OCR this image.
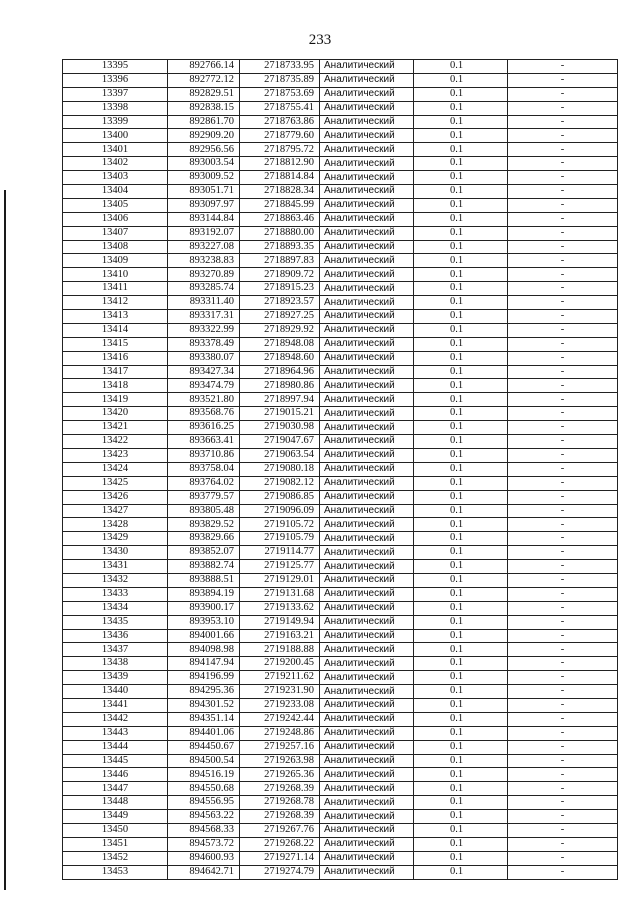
233
13395	892766.14	2718733.95	Аналитический	0.1	-
13396	892772.12	2718735.89	Аналитический	0.1	-
13397	892829.51	2718753.69	Аналитический	0.1	-
13398	892838.15	2718755.41	Аналитический	0.1	-
13399	892861.70	2718763.86	Аналитический	0.1	-
13400	892909.20	2718779.60	Аналитический	0.1	-
13401	892956.56	2718795.72	Аналитический	0.1	-
13402	893003.54	2718812.90	Аналитический	0.1	-
13403	893009.52	2718814.84	Аналитический	0.1	-
13404	893051.71	2718828.34	Аналитический	0.1	-
13405	893097.97	2718845.99	Аналитический	0.1	-
13406	893144.84	2718863.46	Аналитический	0.1	-
13407	893192.07	2718880.00	Аналитический	0.1	-
13408	893227.08	2718893.35	Аналитический	0.1	-
13409	893238.83	2718897.83	Аналитический	0.1	-
13410	893270.89	2718909.72	Аналитический	0.1	-
13411	893285.74	2718915.23	Аналитический	0.1	-
13412	893311.40	2718923.57	Аналитический	0.1	-
13413	893317.31	2718927.25	Аналитический	0.1	-
13414	893322.99	2718929.92	Аналитический	0.1	-
13415	893378.49	2718948.08	Аналитический	0.1	-
13416	893380.07	2718948.60	Аналитический	0.1	-
13417	893427.34	2718964.96	Аналитический	0.1	-
13418	893474.79	2718980.86	Аналитический	0.1	-
13419	893521.80	2718997.94	Аналитический	0.1	-
13420	893568.76	2719015.21	Аналитический	0.1	-
13421	893616.25	2719030.98	Аналитический	0.1	-
13422	893663.41	2719047.67	Аналитический	0.1	-
13423	893710.86	2719063.54	Аналитический	0.1	-
13424	893758.04	2719080.18	Аналитический	0.1	-
13425	893764.02	2719082.12	Аналитический	0.1	-
13426	893779.57	2719086.85	Аналитический	0.1	-
13427	893805.48	2719096.09	Аналитический	0.1	-
13428	893829.52	2719105.72	Аналитический	0.1	-
13429	893829.66	2719105.79	Аналитический	0.1	-
13430	893852.07	2719114.77	Аналитический	0.1	-
13431	893882.74	2719125.77	Аналитический	0.1	-
13432	893888.51	2719129.01	Аналитический	0.1	-
13433	893894.19	2719131.68	Аналитический	0.1	-
13434	893900.17	2719133.62	Аналитический	0.1	-
13435	893953.10	2719149.94	Аналитический	0.1	-
13436	894001.66	2719163.21	Аналитический	0.1	-
13437	894098.98	2719188.88	Аналитический	0.1	-
13438	894147.94	2719200.45	Аналитический	0.1	-
13439	894196.99	2719211.62	Аналитический	0.1	-
13440	894295.36	2719231.90	Аналитический	0.1	-
13441	894301.52	2719233.08	Аналитический	0.1	-
13442	894351.14	2719242.44	Аналитический	0.1	-
13443	894401.06	2719248.86	Аналитический	0.1	-
13444	894450.67	2719257.16	Аналитический	0.1	-
13445	894500.54	2719263.98	Аналитический	0.1	-
13446	894516.19	2719265.36	Аналитический	0.1	-
13447	894550.68	2719268.39	Аналитический	0.1	-
13448	894556.95	2719268.78	Аналитический	0.1	-
13449	894563.22	2719268.39	Аналитический	0.1	-
13450	894568.33	2719267.76	Аналитический	0.1	-
13451	894573.72	2719268.22	Аналитический	0.1	-
13452	894600.93	2719271.14	Аналитический	0.1	-
13453	894642.71	2719274.79	Аналитический	0.1	-
